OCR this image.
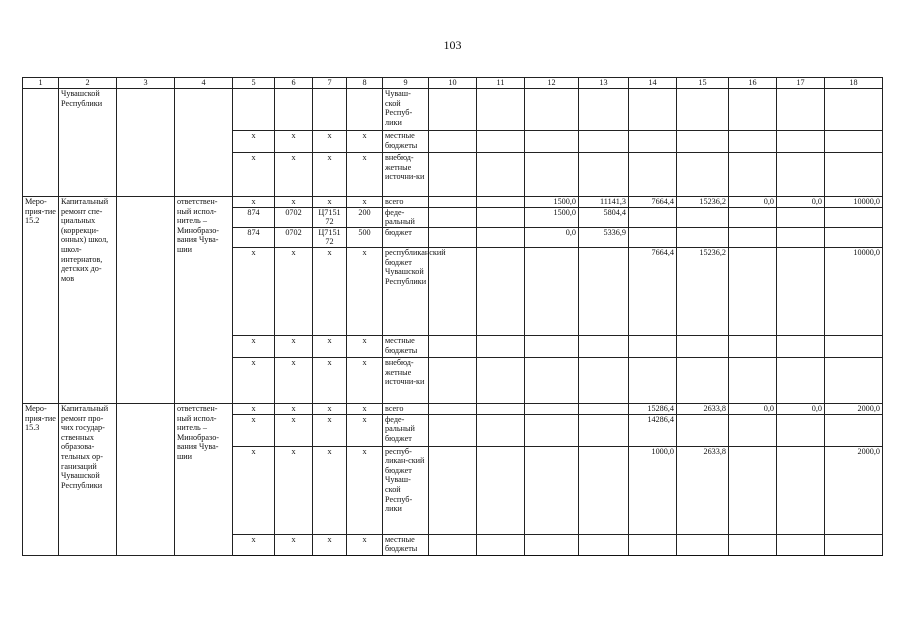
103
1	2	3	4	5	6	7	8	9	10	11	12	13	14	15	16	17	18
	Чувашской Республики							Чуваш-ской Респуб-лики									
				x	x	x	x	местные бюджеты									
				x	x	x	x	внебюд-жетные источни-ки									
Меро-прия-тие 15.2	Капитальный ремонт спе-циальных (коррекци-онных) школ, школ-интернатов, детских до-мов		ответствен-ный испол-нитель – Минобразо-вания Чува-шии	x	x	x	x	всего			1500,0	11141,3	7664,4	15236,2	0,0	0,0	10000,0
				874	0702	Ц7151 72	200	феде-ральный			1500,0	5804,4					
				874	0702	Ц7151 72	500	бюджет			0,0	5336,9					
				x	x	x	x	республиканский бюджет Чувашской Республики					7664,4	15236,2			10000,0
				x	x	x	x	местные бюджеты									
				x	x	x	x	внебюд-жетные источни-ки									
Меро-прия-тие 15.3	Капитальный ремонт про-чих государ-ственных образова-тельных ор-ганизаций Чувашской Республики		ответствен-ный испол-нитель – Минобразо-вания Чува-шии	x	x	x	x	всего					15286,4	2633,8	0,0	0,0	2000,0
				x	x	x	x	феде-ральный бюджет					14286,4				
				x	x	x	x	респуб-ликан-ский бюджет Чуваш-ской Респуб-лики					1000,0	2633,8			2000,0
				x	x	x	x	местные бюджеты									
